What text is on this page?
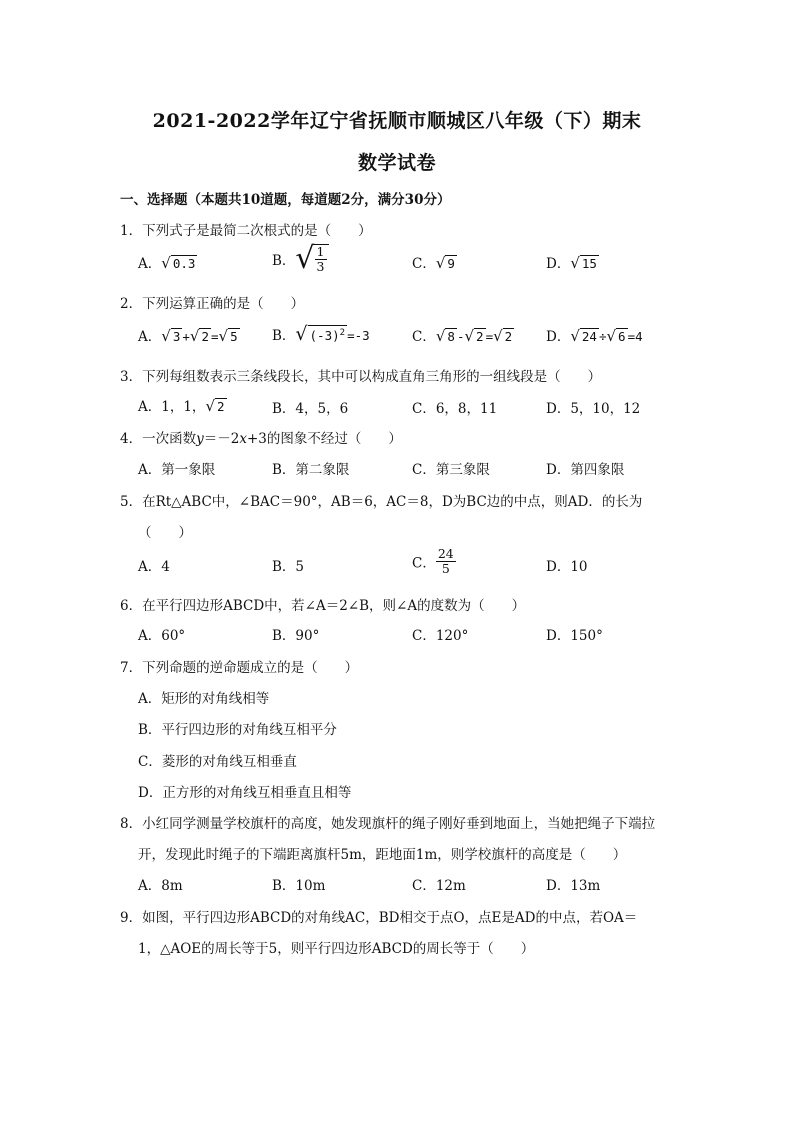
2021-2022学年辽宁省抚顺市顺城区八年级（下）期末
数学试卷
一、选择题（本题共10道题，每道题2分，满分30分）
1．下列式子是最简二次根式的是（　　）
A．√ 0.3	B．√ $\frac{1}{3}$	C．√ 9	D．√ 15
2．下列运算正确的是（　　）
A．√ 3 +√ 2 =√ 5	B．√ $(-3)^2 =-3$	C．√ 8 -√ 2 =√ 2	D．√ 24 ÷√ 6 =4
3．下列每组数表示三条线段长，其中可以构成直角三角形的一组线段是（　　）
A．1，1，√ 2	B．4，5，6	C．6，8，11	D．5，10，12
4．一次函数y＝－2x+3的图象不经过（　　）
A．第一象限	B．第二象限	C．第三象限	D．第四象限
5．在Rt△ABC中，∠BAC＝90°，AB＝6，AC＝8，D为BC边的中点，则AD．的长为
（　　）
A．4	B．5	C． $\frac{24}{5}$	D．10
6．在平行四边形ABCD中，若∠A＝2∠B，则∠A的度数为（　　）
A．60°	B．90°	C．120°	D．150°
7．下列命题的逆命题成立的是（　　）
A．矩形的对角线相等
B．平行四边形的对角线互相平分
C．菱形的对角线互相垂直
D．正方形的对角线互相垂直且相等
8．小红同学测量学校旗杆的高度，她发现旗杆的绳子刚好垂到地面上，当她把绳子下端拉
开，发现此时绳子的下端距离旗杆5m，距地面1m，则学校旗杆的高度是（　　）
A．8m	B．10m	C．12m	D．13m
9．如图，平行四边形ABCD的对角线AC，BD相交于点O，点E是AD的中点，若OA＝
1，△AOE的周长等于5，则平行四边形ABCD的周长等于（　　）
